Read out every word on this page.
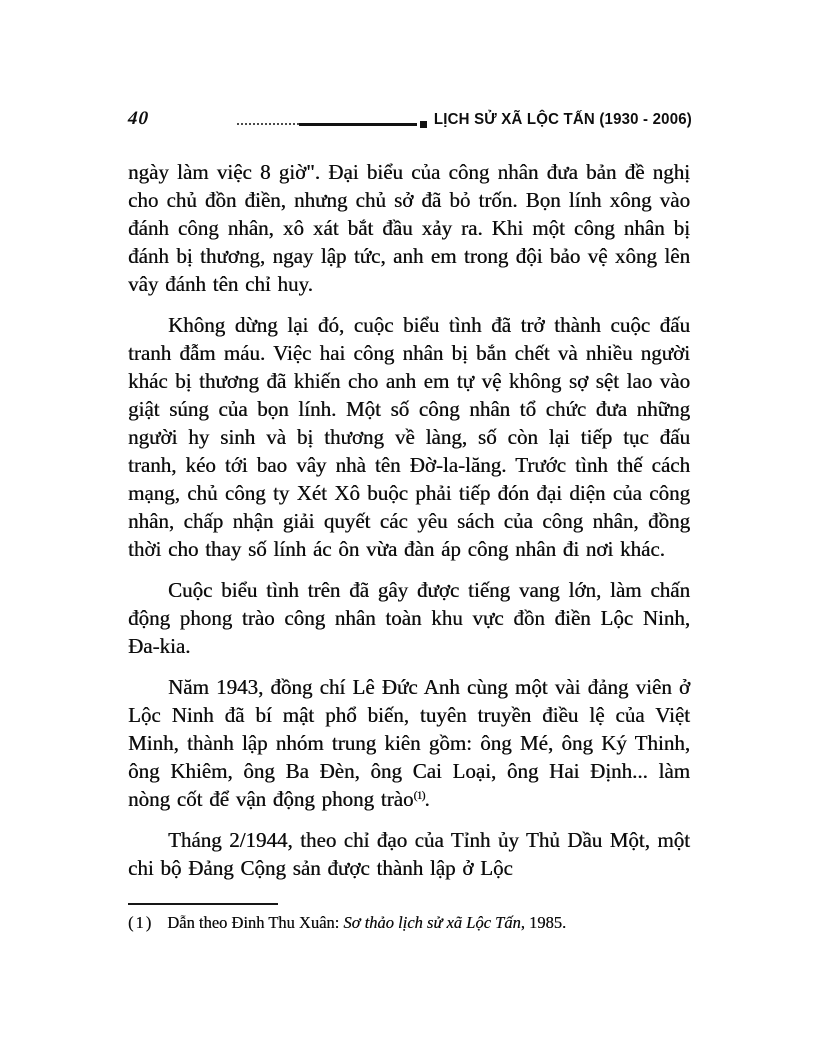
40	LỊCH SỬ XÃ LỘC TẤN (1930 - 2006)

ngày làm việc 8 giờ". Đại biểu của công nhân đưa bản đề nghị cho chủ đồn điền, nhưng chủ sở đã bỏ trốn. Bọn lính xông vào đánh công nhân, xô xát bắt đầu xảy ra. Khi một công nhân bị đánh bị thương, ngay lập tức, anh em trong đội bảo vệ xông lên vây đánh tên chỉ huy.

Không dừng lại đó, cuộc biểu tình đã trở thành cuộc đấu tranh đẫm máu. Việc hai công nhân bị bắn chết và nhiều người khác bị thương đã khiến cho anh em tự vệ không sợ sệt lao vào giật súng của bọn lính. Một số công nhân tổ chức đưa những người hy sinh và bị thương về làng, số còn lại tiếp tục đấu tranh, kéo tới bao vây nhà tên Đờ-la-lăng. Trước tình thế cách mạng, chủ công ty Xét Xô buộc phải tiếp đón đại diện của công nhân, chấp nhận giải quyết các yêu sách của công nhân, đồng thời cho thay số lính ác ôn vừa đàn áp công nhân đi nơi khác.

Cuộc biểu tình trên đã gây được tiếng vang lớn, làm chấn động phong trào công nhân toàn khu vực đồn điền Lộc Ninh, Đa-kia.

Năm 1943, đồng chí Lê Đức Anh cùng một vài đảng viên ở Lộc Ninh đã bí mật phổ biến, tuyên truyền điều lệ của Việt Minh, thành lập nhóm trung kiên gồm: ông Mé, ông Ký Thinh, ông Khiêm, ông Ba Đèn, ông Cai Loại, ông Hai Định... làm nòng cốt để vận động phong trào$^{(1)}$.

Tháng 2/1944, theo chỉ đạo của Tỉnh ủy Thủ Dầu Một, một chi bộ Đảng Cộng sản được thành lập ở Lộc

(1) Dẫn theo Đinh Thu Xuân: Sơ thảo lịch sử xã Lộc Tấn, 1985.
